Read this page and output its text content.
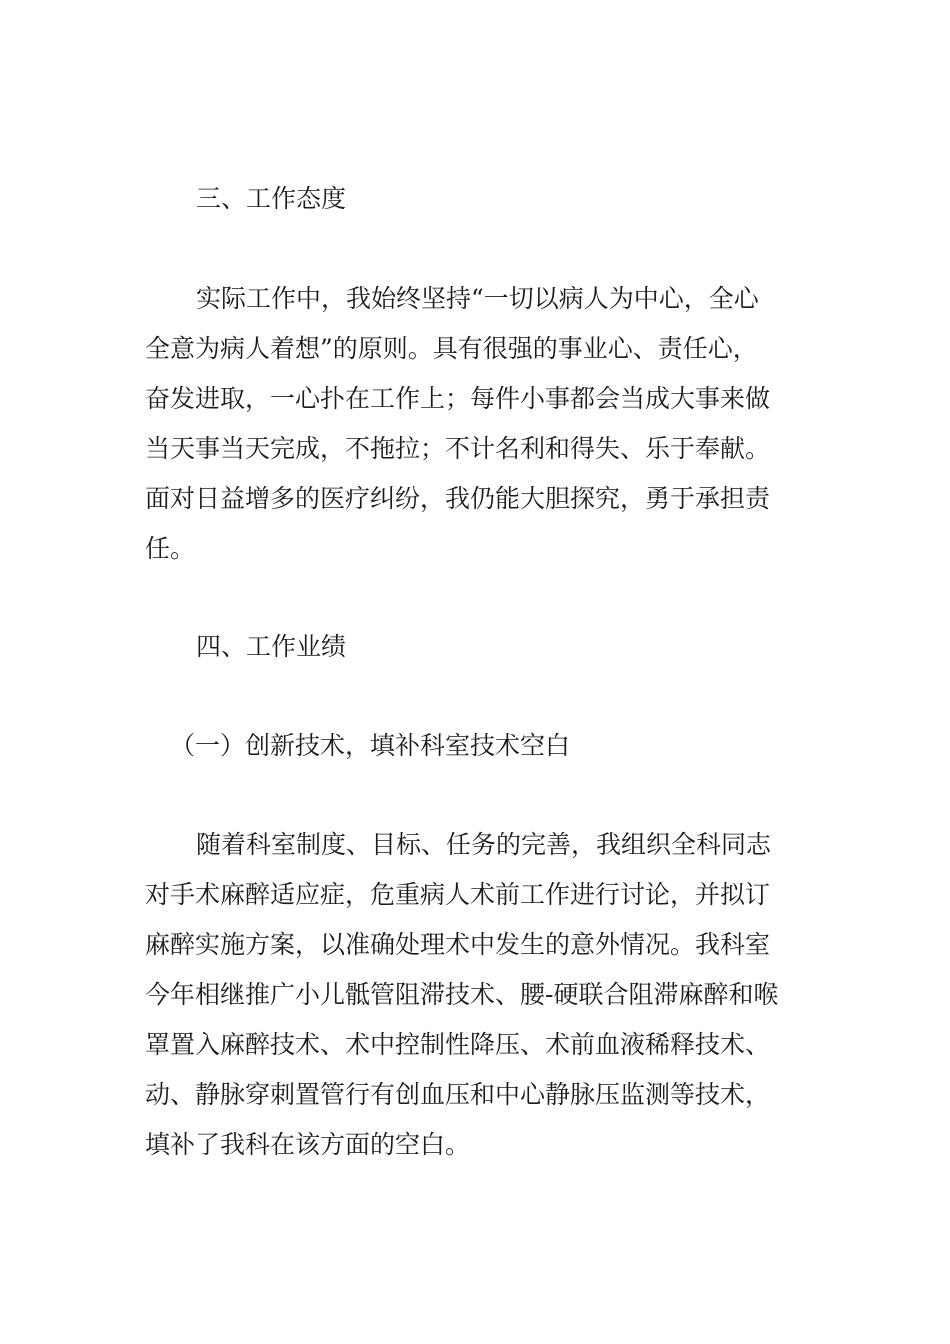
三、工作态度
实际工作中，我始终坚持“一切以病人为中心，全心
全意为病人着想”的原则。具有很强的事业心、责任心，
奋发进取，一心扑在工作上；每件小事都会当成大事来做
当天事当天完成，不拖拉；不计名利和得失、乐于奉献。
面对日益增多的医疗纠纷，我仍能大胆探究，勇于承担责
任。
四、工作业绩
（一）创新技术，填补科室技术空白
随着科室制度、目标、任务的完善，我组织全科同志
对手术麻醉适应症，危重病人术前工作进行讨论，并拟订
麻醉实施方案，以准确处理术中发生的意外情况。我科室
今年相继推广小儿骶管阻滞技术、腰-硬联合阻滞麻醉和喉
罩置入麻醉技术、术中控制性降压、术前血液稀释技术、
动、静脉穿刺置管行有创血压和中心静脉压监测等技术，
填补了我科在该方面的空白。
